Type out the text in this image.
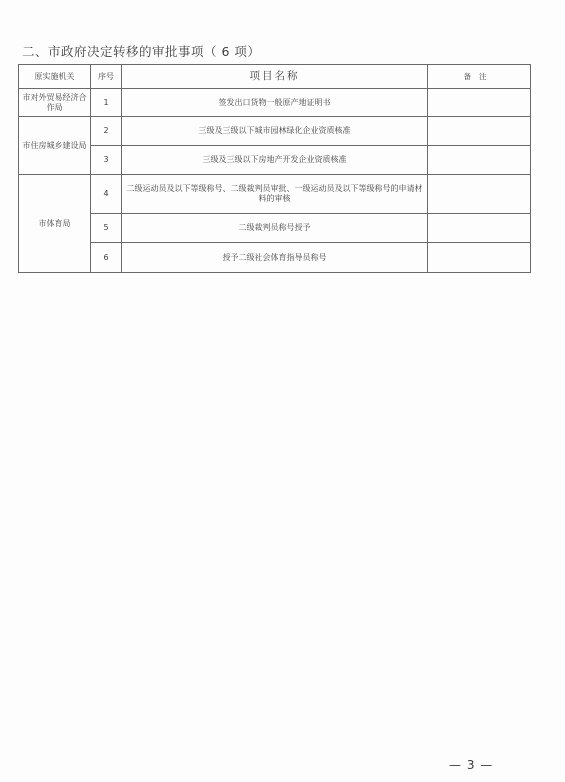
二、市政府决定转移的审批事项（ 6 项）
原实施机关	序号	项目名称	备注
市对外贸易经济合作局	1	签发出口货物一般原产地证明书	
市住房城乡建设局	2	三级及三级以下城市园林绿化企业资质核准	
	3	三级及三级以下房地产开发企业资质核准	
市体育局	4	二级运动员及以下等级称号、二级裁判员审批、一级运动员及以下等级称号的申请材料的审核	
	5	二级裁判员称号授予	
	6	授予二级社会体育指导员称号	
— 3 —
